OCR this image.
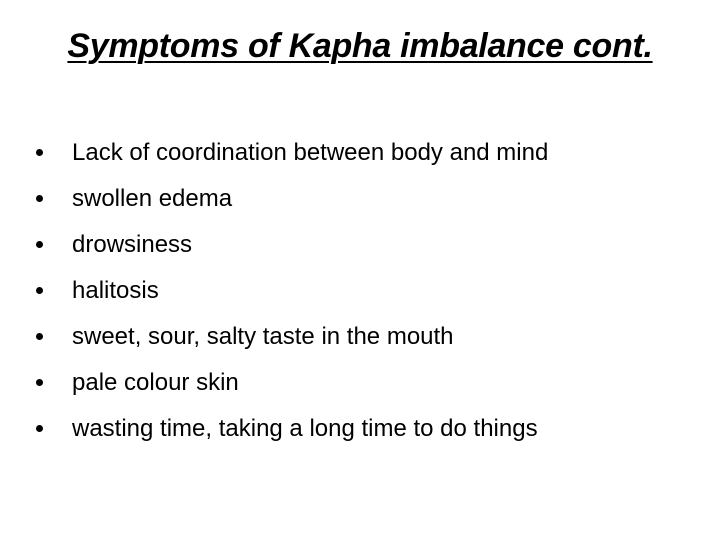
Symptoms of Kapha imbalance cont.
Lack of coordination between body and mind
swollen edema
drowsiness
halitosis
sweet, sour, salty taste in the mouth
pale colour skin
wasting time, taking a long time to do things
